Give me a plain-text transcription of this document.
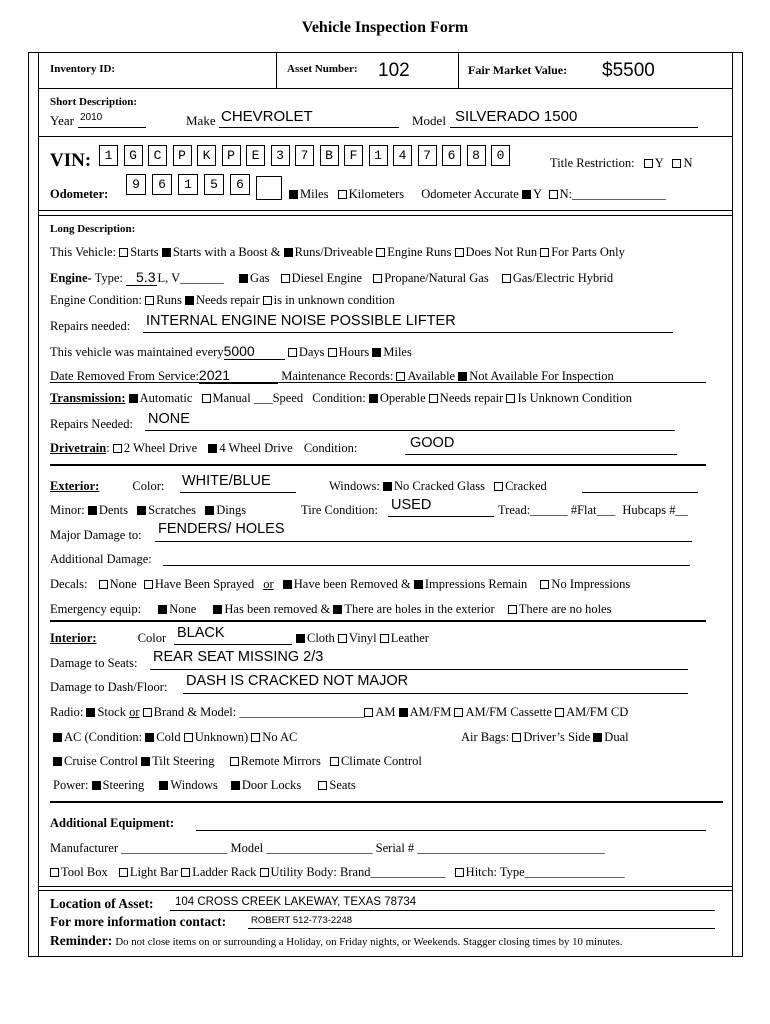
Vehicle Inspection Form
Inventory ID:	Asset Number: 102	Fair Market Value: $5500
Short Description:
Year 2010	Make CHEVROLET	Model SILVERADO 1500
VIN:	1	G	C	P	K	P	E	3	7	B	F	1	4	7	6	8	0	Title Restriction: Y N
Odometer:
9	6	1	5	6
Miles Kilometers Odometer Accurate Y N:_______________
Long Description:
This Vehicle: Starts Starts with a Boost & Runs/Driveable Engine Runs Does Not Run For Parts Only
Engine- Type: 5.3 L, V_______ Gas Diesel Engine Propane/Natural Gas Gas/Electric Hybrid
Engine Condition: Runs Needs repair is in unknown condition
Repairs needed: INTERNAL ENGINE NOISE POSSIBLE LIFTER
This vehicle was maintained every5000	Days Hours Miles
Date Removed From Service:2021	Maintenance Records: Available Not Available For Inspection
Transmission: Automatic Manual ___Speed Condition: Operable Needs repair Is Unknown Condition
Repairs Needed: NONE
Drivetrain: 2 Wheel Drive 4 Wheel Drive Condition:	GOOD
Exterior:	Color: WHITE/BLUE	Windows: No Cracked Glass Cracked
Minor: Dents Scratches Dings	Tire Condition: USED	Tread:______ #Flat___ Hubcaps #__
Major Damage to: FENDERS/ HOLES
Additional Damage:
Decals: None Have Been Sprayed or Have been Removed & Impressions Remain No Impressions
Emergency equip: None Has been removed & There are holes in the exterior There are no holes
Interior:	Color BLACK	Cloth Vinyl Leather
Damage to Seats: REAR SEAT MISSING 2/3
Damage to Dash/Floor: DASH IS CRACKED NOT MAJOR
Radio: Stock or Brand & Model: ____________________ AM AM/FM AM/FM Cassette AM/FM CD
AC (Condition: Cold Unknown) No AC	Air Bags: Driver’s Side Dual
Cruise Control Tilt Steering Remote Mirrors Climate Control
Power: Steering Windows Door Locks Seats
Additional Equipment:
Manufacturer _________________ Model _________________ Serial # ______________________________
Tool Box Light Bar Ladder Rack Utility Body: Brand____________ Hitch: Type________________
Location of Asset: 104 CROSS CREEK LAKEWAY, TEXAS 78734
For more information contact:	ROBERT 512-773-2248
Reminder: Do not close items on or surrounding a Holiday, on Friday nights, or Weekends. Stagger closing times by 10 minutes.
